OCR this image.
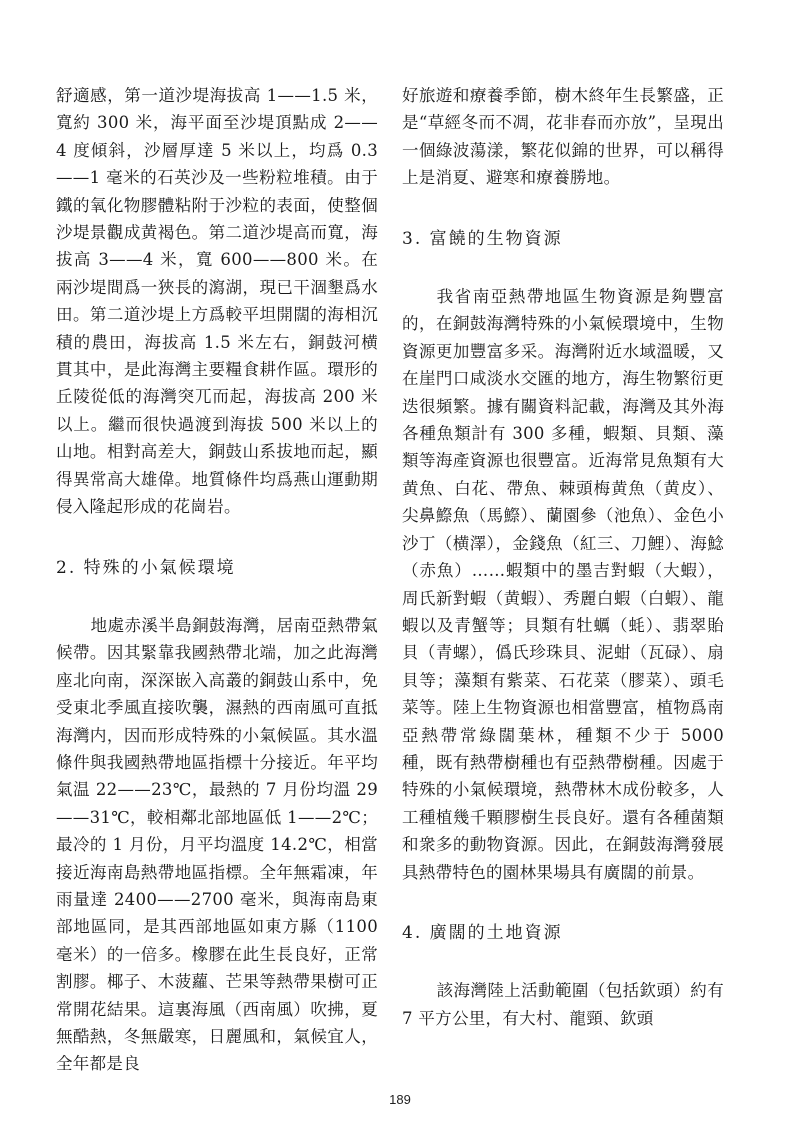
舒適感，第一道沙堤海拔高 1——1.5 米，寬約 300 米，海平面至沙堤頂點成 2——4 度傾斜，沙層厚達 5 米以上，均爲 0.3——1 毫米的石英沙及一些粉粒堆積。由于鐵的氧化物膠體粘附于沙粒的表面，使整個沙堤景觀成黄褐色。第二道沙堤高而寬，海拔高 3——4 米，寬 600——800 米。在兩沙堤間爲一狹長的瀉湖，現已干涸墾爲水田。第二道沙堤上方爲較平坦開闊的海相沉積的農田，海拔高 1.5 米左右，銅鼓河横貫其中，是此海灣主要糧食耕作區。環形的丘陵從低的海灣突兀而起，海拔高 200 米以上。繼而很快過渡到海拔 500 米以上的山地。相對高差大，銅鼓山系拔地而起，顯得異常高大雄偉。地質條件均爲燕山運動期侵入隆起形成的花崗岩。

2. 特殊的小氣候環境

地處赤溪半島銅鼓海灣，居南亞熱帶氣候帶。因其緊靠我國熱帶北端，加之此海灣座北向南，深深嵌入高叢的銅鼓山系中，免受東北季風直接吹襲，濕熱的西南風可直抵海灣内，因而形成特殊的小氣候區。其水溫條件與我國熱帶地區指標十分接近。年平均氣温 22——23℃，最熱的 7 月份均溫 29——31℃，較相鄰北部地區低 1——2℃；最冷的 1 月份，月平均溫度 14.2℃，相當接近海南島熱帶地區指標。全年無霜凍，年雨量達 2400——2700 毫米，與海南島東部地區同，是其西部地區如東方縣（1100 毫米）的一倍多。橡膠在此生長良好，正常割膠。椰子、木菠蘿、芒果等熱帶果樹可正常開花結果。這裏海風（西南風）吹拂，夏無酷熱，冬無嚴寒，日麗風和，氣候宜人，全年都是良

好旅遊和療養季節，樹木終年生長繁盛，正是“草經冬而不凋，花非春而亦放”，呈現出一個綠波蕩漾，繁花似錦的世界，可以稱得上是消夏、避寒和療養勝地。

3. 富饒的生物資源

我省南亞熱帶地區生物資源是夠豐富的，在銅鼓海灣特殊的小氣候環境中，生物資源更加豐富多采。海灣附近水域溫暖，又在崖門口咸淡水交匯的地方，海生物繁衍更迭很頻繁。據有關資料記載，海灣及其外海各種魚類計有 300 多種，蝦類、貝類、藻類等海產資源也很豐富。近海常見魚類有大黄魚、白花、帶魚、棘頭梅黄魚（黄皮）、尖鼻鰶魚（馬鰶）、蘭園參（池魚）、金色小沙丁（横澤），金錢魚（紅三、刀鯉）、海鯰（赤魚）……蝦類中的墨吉對蝦（大蝦），周氏新對蝦（黄蝦）、秀麗白蝦（白蝦）、龍蝦以及青蟹等；貝類有牡蠣（蚝）、翡翠貽貝（青螺），僞氏珍珠貝、泥蚶（瓦碌）、扇貝等；藻類有紫菜、石花菜（膠菜）、頭毛菜等。陸上生物資源也相當豐富，植物爲南亞熱帶常綠闊葉林，種類不少于 5000 種，既有熱帶樹種也有亞熱帶樹種。因處于特殊的小氣候環境，熱帶林木成份較多，人工種植幾千顆膠樹生長良好。還有各種菌類和衆多的動物資源。因此，在銅鼓海灣發展具熱帶特色的園林果場具有廣闊的前景。

4. 廣闊的土地資源

該海灣陸上活動範圍（包括欽頭）約有 7 平方公里，有大村、龍頸、欽頭

189
